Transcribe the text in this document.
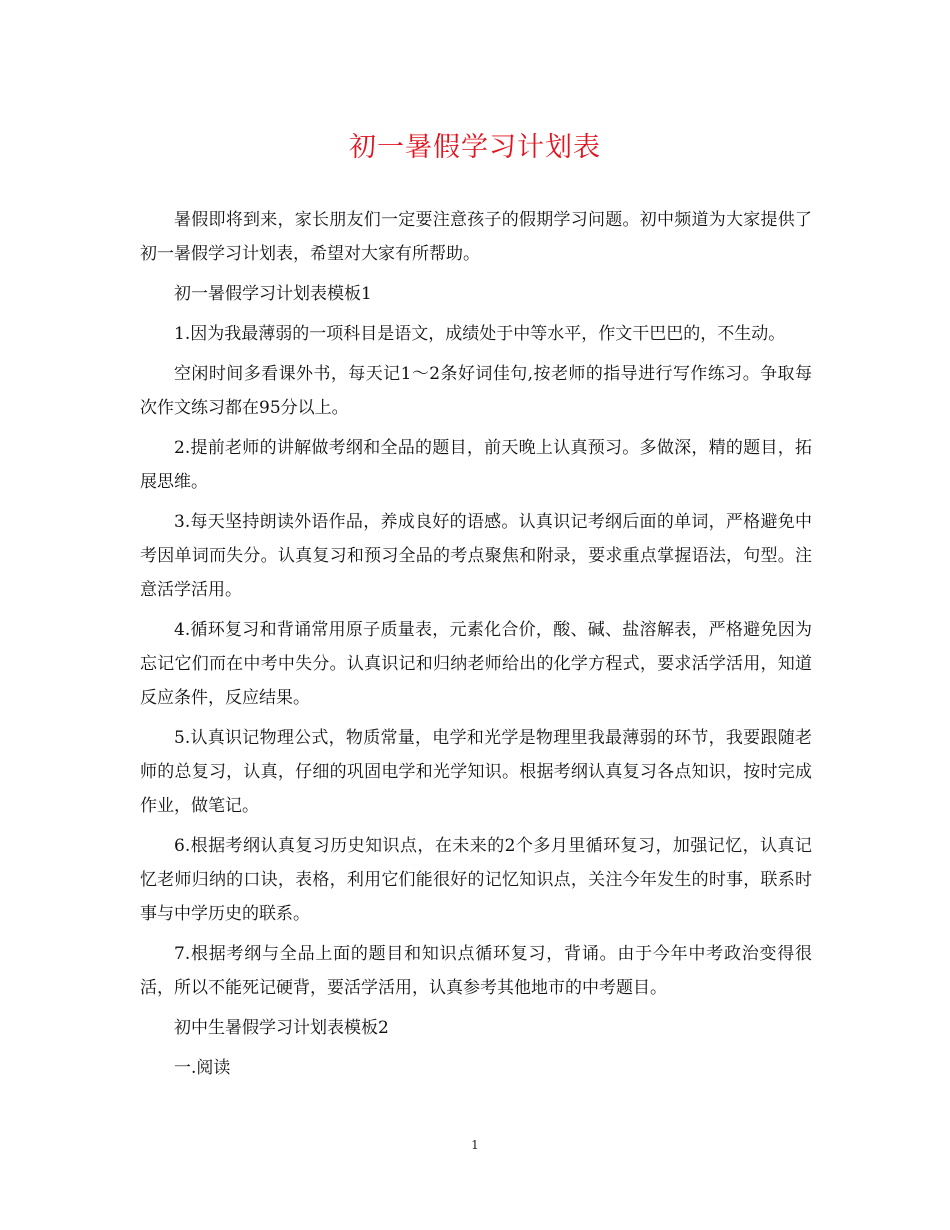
初一暑假学习计划表

暑假即将到来，家长朋友们一定要注意孩子的假期学习问题。初中频道为大家提供了初一暑假学习计划表，希望对大家有所帮助。

初一暑假学习计划表模板1

1.因为我最薄弱的一项科目是语文，成绩处于中等水平，作文干巴巴的，不生动。

空闲时间多看课外书，每天记1～2条好词佳句,按老师的指导进行写作练习。争取每次作文练习都在95分以上。

2.提前老师的讲解做考纲和全品的题目，前天晚上认真预习。多做深，精的题目，拓展思维。

3.每天坚持朗读外语作品，养成良好的语感。认真识记考纲后面的单词，严格避免中考因单词而失分。认真复习和预习全品的考点聚焦和附录，要求重点掌握语法，句型。注意活学活用。

4.循环复习和背诵常用原子质量表，元素化合价，酸、碱、盐溶解表，严格避免因为忘记它们而在中考中失分。认真识记和归纳老师给出的化学方程式，要求活学活用，知道反应条件，反应结果。

5.认真识记物理公式，物质常量，电学和光学是物理里我最薄弱的环节，我要跟随老师的总复习，认真，仔细的巩固电学和光学知识。根据考纲认真复习各点知识，按时完成作业，做笔记。

6.根据考纲认真复习历史知识点，在未来的2个多月里循环复习，加强记忆，认真记忆老师归纳的口诀，表格，利用它们能很好的记忆知识点，关注今年发生的时事，联系时事与中学历史的联系。

7.根据考纲与全品上面的题目和知识点循环复习，背诵。由于今年中考政治变得很活，所以不能死记硬背，要活学活用，认真参考其他地市的中考题目。

初中生暑假学习计划表模板2

一.阅读

1
